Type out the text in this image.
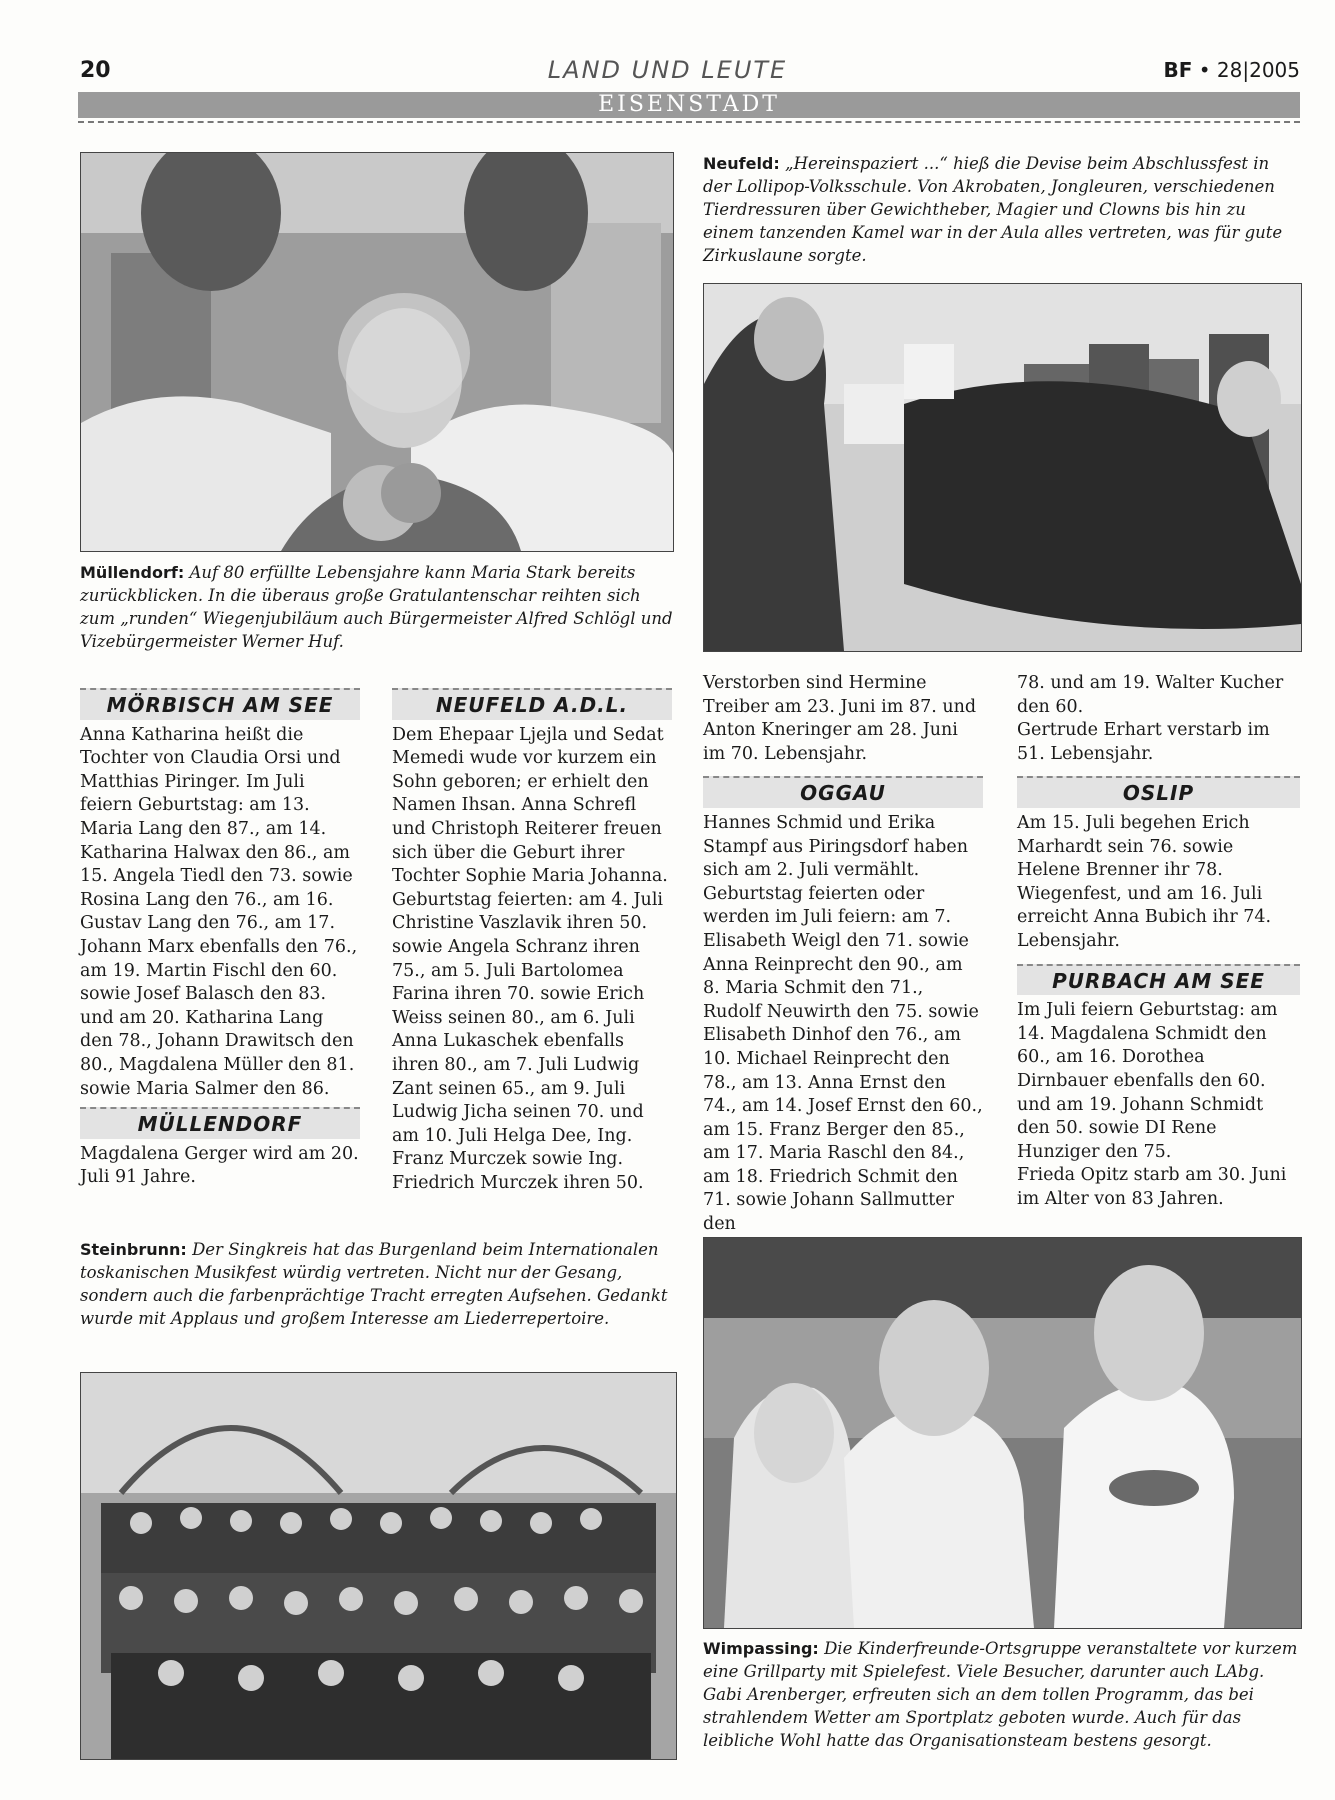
20	LAND UND LEUTE	BF • 28|2005
EISENSTADT
Müllendorf: Auf 80 erfüllte Lebensjahre kann Maria Stark bereits zurückblicken. In die überaus große Gratulantenschar reihten sich zum „runden“ Wiegenjubiläum auch Bürgermeister Alfred Schlögl und Vizebürgermeister Werner Huf.
Neufeld: „Hereinspaziert ...“ hieß die Devise beim Abschlussfest in der Lollipop-Volksschule. Von Akrobaten, Jongleuren, verschiedenen Tierdressuren über Gewichtheber, Magier und Clowns bis hin zu einem tanzenden Kamel war in der Aula alles vertreten, was für gute Zirkuslaune sorgte.
MÖRBISCH AM SEE

Anna Katharina heißt die Tochter von Claudia Orsi und Matthias Piringer. Im Juli feiern Geburtstag: am 13. Maria Lang den 87., am 14. Katharina Halwax den 86., am 15. Angela Tiedl den 73. sowie Rosina Lang den 76., am 16. Gustav Lang den 76., am 17. Johann Marx ebenfalls den 76., am 19. Martin Fischl den 60. sowie Josef Balasch den 83. und am 20. Katharina Lang den 78., Johann Drawitsch den 80., Magdalena Müller den 81. sowie Maria Salmer den 86.

MÜLLENDORF

Magdalena Gerger wird am 20. Juli 91 Jahre.

NEUFELD A.D.L.

Dem Ehepaar Ljejla und Sedat Memedi wude vor kurzem ein Sohn geboren; er erhielt den Namen Ihsan. Anna Schrefl und Christoph Reiterer freuen sich über die Geburt ihrer Tochter Sophie Maria Johanna.

Geburtstag feierten: am 4. Juli Christine Vaszlavik ihren 50. sowie Angela Schranz ihren 75., am 5. Juli Bartolomea Farina ihren 70. sowie Erich Weiss seinen 80., am 6. Juli Anna Lukaschek ebenfalls ihren 80., am 7. Juli Ludwig Zant seinen 65., am 9. Juli Ludwig Jicha seinen 70. und am 10. Juli Helga Dee, Ing. Franz Murczek sowie Ing. Friedrich Murczek ihren 50.

Verstorben sind Hermine Treiber am 23. Juni im 87. und Anton Kneringer am 28. Juni im 70. Lebensjahr.

OGGAU

Hannes Schmid und Erika Stampf aus Piringsdorf haben sich am 2. Juli vermählt.

Geburtstag feierten oder werden im Juli feiern: am 7. Elisabeth Weigl den 71. sowie Anna Reinprecht den 90., am 8. Maria Schmit den 71., Rudolf Neuwirth den 75. sowie Elisabeth Dinhof den 76., am 10. Michael Reinprecht den 78., am 13. Anna Ernst den 74., am 14. Josef Ernst den 60., am 15. Franz Berger den 85., am 17. Maria Raschl den 84., am 18. Friedrich Schmit den 71. sowie Johann Sallmutter den

78. und am 19. Walter Kucher den 60.

Gertrude Erhart verstarb im 51. Lebensjahr.

OSLIP

Am 15. Juli begehen Erich Marhardt sein 76. sowie Helene Brenner ihr 78. Wiegenfest, und am 16. Juli erreicht Anna Bubich ihr 74. Lebensjahr.

PURBACH AM SEE

Im Juli feiern Geburtstag: am 14. Magdalena Schmidt den 60., am 16. Dorothea Dirnbauer ebenfalls den 60. und am 19. Johann Schmidt den 50. sowie DI Rene Hunziger den 75.

Frieda Opitz starb am 30. Juni im Alter von 83 Jahren.

Steinbrunn: Der Singkreis hat das Burgenland beim Internationalen toskanischen Musikfest würdig vertreten. Nicht nur der Gesang, sondern auch die farbenprächtige Tracht erregten Aufsehen. Gedankt wurde mit Applaus und großem Interesse am Liederrepertoire.
Wimpassing: Die Kinderfreunde-Ortsgruppe veranstaltete vor kurzem eine Grillparty mit Spielefest. Viele Besucher, darunter auch LAbg. Gabi Arenberger, erfreuten sich an dem tollen Programm, das bei strahlendem Wetter am Sportplatz geboten wurde. Auch für das leibliche Wohl hatte das Organisationsteam bestens gesorgt.
